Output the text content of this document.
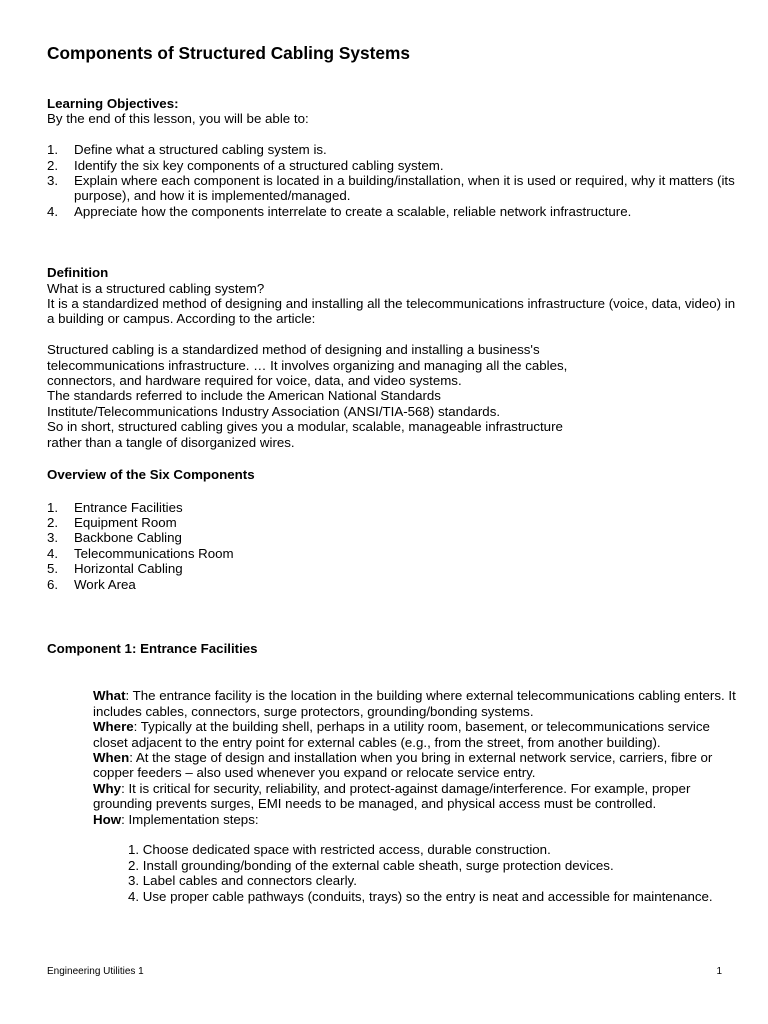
Components of Structured Cabling Systems

Learning Objectives:

By the end of this lesson, you will be able to:

1. Define what a structured cabling system is.
2. Identify the six key components of a structured cabling system.
3. Explain where each component is located in a building/installation, when it is used or required, why it matters (its purpose), and how it is implemented/managed.
4. Appreciate how the components interrelate to create a scalable, reliable network infrastructure.

Definition

What is a structured cabling system?

It is a standardized method of designing and installing all the telecommunications infrastructure (voice, data, video) in a building or campus. According to the article:

Structured cabling is a standardized method of designing and installing a business's

telecommunications infrastructure. … It involves organizing and managing all the cables,

connectors, and hardware required for voice, data, and video systems.

The standards referred to include the American National Standards

Institute/Telecommunications Industry Association (ANSI/TIA-568) standards.

So in short, structured cabling gives you a modular, scalable, manageable infrastructure

rather than a tangle of disorganized wires.

Overview of the Six Components

1. Entrance Facilities
2. Equipment Room
3. Backbone Cabling
4. Telecommunications Room
5. Horizontal Cabling
6. Work Area

Component 1: Entrance Facilities

What: The entrance facility is the location in the building where external telecommunications cabling enters. It includes cables, connectors, surge protectors, grounding/bonding systems.

Where: Typically at the building shell, perhaps in a utility room, basement, or telecommunications service closet adjacent to the entry point for external cables (e.g., from the street, from another building).

When: At the stage of design and installation when you bring in external network service, carriers, fibre or copper feeders – also used whenever you expand or relocate service entry.

Why: It is critical for security, reliability, and protect-against damage/interference. For example, proper grounding prevents surges, EMI needs to be managed, and physical access must be controlled.

How: Implementation steps:

1. Choose dedicated space with restricted access, durable construction.

2. Install grounding/bonding of the external cable sheath, surge protection devices.

3. Label cables and connectors clearly.

4. Use proper cable pathways (conduits, trays) so the entry is neat and accessible for maintenance.

Engineering Utilities 1	1
